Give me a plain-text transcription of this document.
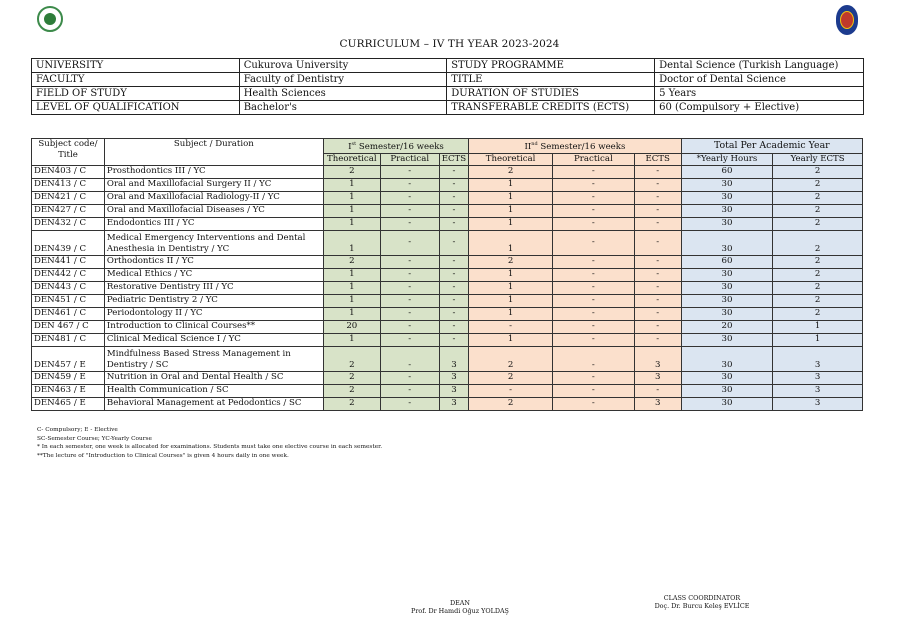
CURRICULUM – IV TH YEAR 2023-2024
UNIVERSITY	Cukurova University	STUDY PROGRAMME	Dental Science (Turkish Language)
FACULTY	Faculty of Dentistry	TITLE	Doctor of Dental Science
FIELD OF STUDY	Health Sciences	DURATION OF STUDIES	5 Years
LEVEL OF QUALIFICATION	Bachelor's	TRANSFERABLE CREDITS (ECTS)	60 (Compulsory + Elective)
Subject code/ Title	Subject / Duration	Ist Semester/16 weeks			IInd Semester/16 weeks			Total Per Academic Year	
		Theoretical	Practical	ECTS	Theoretical	Practical	ECTS	*Yearly Hours	Yearly ECTS
DEN403 / C	Prosthodontics III / YC	2	-	-	2	-	-	60	2
DEN413 / C	Oral and Maxillofacial Surgery II / YC	1	-	-	1	-	-	30	2
DEN421 / C	Oral and Maxillofacial Radiology-II / YC	1	-	-	1	-	-	30	2
DEN427 / C	Oral and Maxillofacial Diseases / YC	1	-	-	1	-	-	30	2
DEN432 / C	Endodontics III / YC	1	-	-	1	-	-	30	2
DEN439 / C	Medical Emergency Interventions and Dental
Anesthesia in Dentistry / YC	1	-	-	1	-	-	30	2
DEN441 / C	Orthodontics II / YC	2	-	-	2	-	-	60	2
DEN442 / C	Medical Ethics / YC	1	-	-	1	-	-	30	2
DEN443 / C	Restorative Dentistry III / YC	1	-	-	1	-	-	30	2
DEN451 / C	Pediatric Dentistry 2 / YC	1	-	-	1	-	-	30	2
DEN461 / C	Periodontology II / YC	1	-	-	1	-	-	30	2
DEN 467 / C	Introduction to Clinical Courses**	20	-	-	-	-	-	20	1
DEN481 / C	Clinical Medical Science I / YC	1	-	-	1	-	-	30	1
DEN457 / E	Mindfulness Based Stress Management in
Dentistry / SC	2	-	3	2	-	3	30	3
DEN459 / E	Nutrition in Oral and Dental Health / SC	2	-	3	2	-	3	30	3
DEN463 / E	Health Communication / SC	2	-	3	-	-	-	30	3
DEN465 / E	Behavioral Management at Pedodontics / SC	2	-	3	2	-	3	30	3
C- Compulsory; E - Elective
SC-Semester Course; YC-Yearly Course
* In each semester, one week is allocated for examinations. Students must take one elective course in each semester.
**The lecture of "Introduction to Clinical Courses" is given 4 hours daily in one week.
DEAN
Prof. Dr Hamdi Oğuz YOLDAŞ
CLASS COORDINATOR
Doç. Dr. Burcu Keleş EVLİCE
